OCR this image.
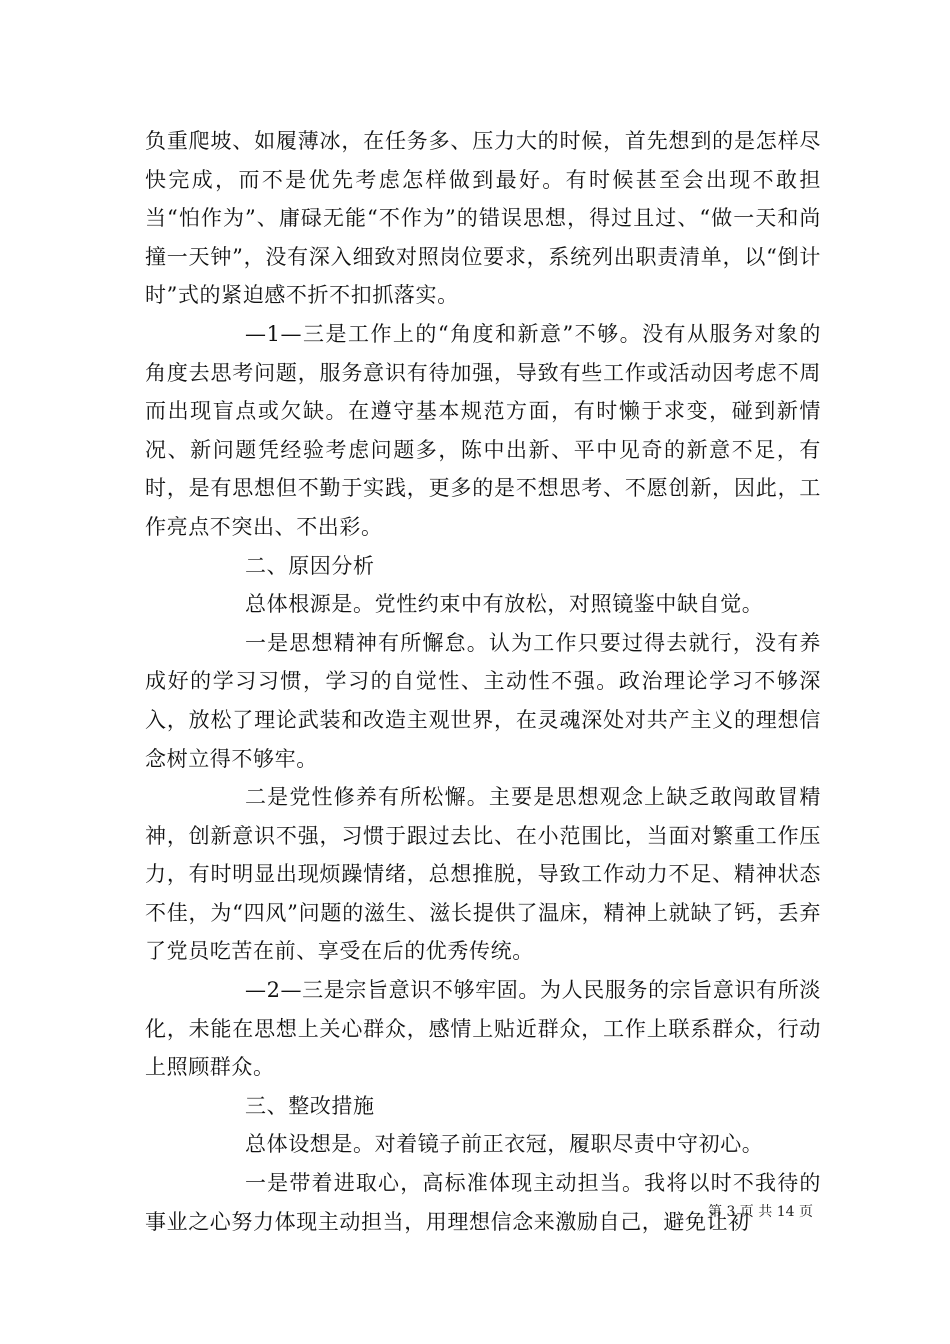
负重爬坡、如履薄冰，在任务多、压力大的时候，首先想到的是怎样尽快完成，而不是优先考虑怎样做到最好。有时候甚至会出现不敢担当“怕作为”、庸碌无能“不作为”的错误思想，得过且过、“做一天和尚撞一天钟”，没有深入细致对照岗位要求，系统列出职责清单，以“倒计时”式的紧迫感不折不扣抓落实。

—1—三是工作上的“角度和新意”不够。没有从服务对象的角度去思考问题，服务意识有待加强，导致有些工作或活动因考虑不周而出现盲点或欠缺。在遵守基本规范方面，有时懒于求变，碰到新情况、新问题凭经验考虑问题多，陈中出新、平中见奇的新意不足，有时，是有思想但不勤于实践，更多的是不想思考、不愿创新，因此，工作亮点不突出、不出彩。

二、原因分析

总体根源是。党性约束中有放松，对照镜鉴中缺自觉。

一是思想精神有所懈怠。认为工作只要过得去就行，没有养成好的学习习惯，学习的自觉性、主动性不强。政治理论学习不够深入，放松了理论武装和改造主观世界，在灵魂深处对共产主义的理想信念树立得不够牢。

二是党性修养有所松懈。主要是思想观念上缺乏敢闯敢冒精神，创新意识不强，习惯于跟过去比、在小范围比，当面对繁重工作压力，有时明显出现烦躁情绪，总想推脱，导致工作动力不足、精神状态不佳，为“四风”问题的滋生、滋长提供了温床，精神上就缺了钙，丢弃了党员吃苦在前、享受在后的优秀传统。

—2—三是宗旨意识不够牢固。为人民服务的宗旨意识有所淡化，未能在思想上关心群众，感情上贴近群众，工作上联系群众，行动上照顾群众。

三、整改措施

总体设想是。对着镜子前正衣冠，履职尽责中守初心。

一是带着进取心，高标准体现主动担当。我将以时不我待的事业之心努力体现主动担当，用理想信念来激励自己，避免让初

第 3 页 共 14 页
